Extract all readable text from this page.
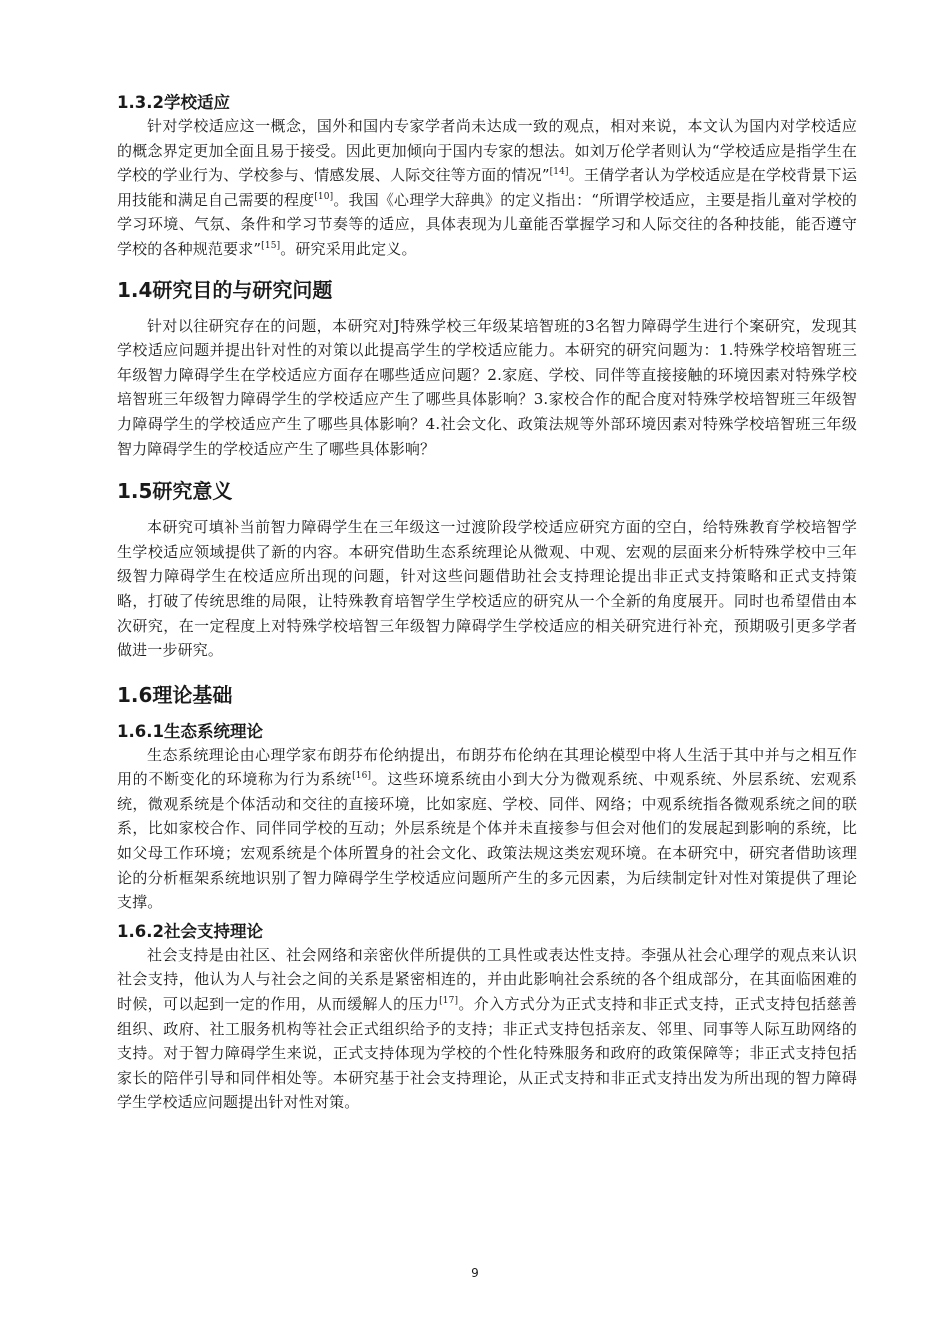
1.3.2学校适应

针对学校适应这一概念，国外和国内专家学者尚未达成一致的观点，相对来说，本文认为国内对学校适应的概念界定更加全面且易于接受。因此更加倾向于国内专家的想法。如刘万伦学者则认为“学校适应是指学生在学校的学业行为、学校参与、情感发展、人际交往等方面的情况”[14]。王倩学者认为学校适应是在学校背景下运用技能和满足自己需要的程度[10]。我国《心理学大辞典》的定义指出：“所谓学校适应，主要是指儿童对学校的学习环境、气氛、条件和学习节奏等的适应，具体表现为儿童能否掌握学习和人际交往的各种技能，能否遵守学校的各种规范要求”[15]。研究采用此定义。

1.4研究目的与研究问题

针对以往研究存在的问题，本研究对J特殊学校三年级某培智班的3名智力障碍学生进行个案研究，发现其学校适应问题并提出针对性的对策以此提高学生的学校适应能力。本研究的研究问题为：1.特殊学校培智班三年级智力障碍学生在学校适应方面存在哪些适应问题？2.家庭、学校、同伴等直接接触的环境因素对特殊学校培智班三年级智力障碍学生的学校适应产生了哪些具体影响？3.家校合作的配合度对特殊学校培智班三年级智力障碍学生的学校适应产生了哪些具体影响？4.社会文化、政策法规等外部环境因素对特殊学校培智班三年级智力障碍学生的学校适应产生了哪些具体影响？

1.5研究意义

本研究可填补当前智力障碍学生在三年级这一过渡阶段学校适应研究方面的空白，给特殊教育学校培智学生学校适应领域提供了新的内容。本研究借助生态系统理论从微观、中观、宏观的层面来分析特殊学校中三年级智力障碍学生在校适应所出现的问题，针对这些问题借助社会支持理论提出非正式支持策略和正式支持策略，打破了传统思维的局限，让特殊教育培智学生学校适应的研究从一个全新的角度展开。同时也希望借由本次研究，在一定程度上对特殊学校培智三年级智力障碍学生学校适应的相关研究进行补充，预期吸引更多学者做进一步研究。

1.6理论基础
1.6.1生态系统理论

生态系统理论由心理学家布朗芬布伦纳提出，布朗芬布伦纳在其理论模型中将人生活于其中并与之相互作用的不断变化的环境称为行为系统[16]。这些环境系统由小到大分为微观系统、中观系统、外层系统、宏观系统，微观系统是个体活动和交往的直接环境，比如家庭、学校、同伴、网络；中观系统指各微观系统之间的联系，比如家校合作、同伴同学校的互动；外层系统是个体并未直接参与但会对他们的发展起到影响的系统，比如父母工作环境；宏观系统是个体所置身的社会文化、政策法规这类宏观环境。在本研究中，研究者借助该理论的分析框架系统地识别了智力障碍学生学校适应问题所产生的多元因素，为后续制定针对性对策提供了理论支撑。

1.6.2社会支持理论

社会支持是由社区、社会网络和亲密伙伴所提供的工具性或表达性支持。李强从社会心理学的观点来认识社会支持，他认为人与社会之间的关系是紧密相连的，并由此影响社会系统的各个组成部分，在其面临困难的时候，可以起到一定的作用，从而缓解人的压力[17]。介入方式分为正式支持和非正式支持，正式支持包括慈善组织、政府、社工服务机构等社会正式组织给予的支持；非正式支持包括亲友、邻里、同事等人际互助网络的支持。对于智力障碍学生来说，正式支持体现为学校的个性化特殊服务和政府的政策保障等；非正式支持包括家长的陪伴引导和同伴相处等。本研究基于社会支持理论，从正式支持和非正式支持出发为所出现的智力障碍学生学校适应问题提出针对性对策。

9
